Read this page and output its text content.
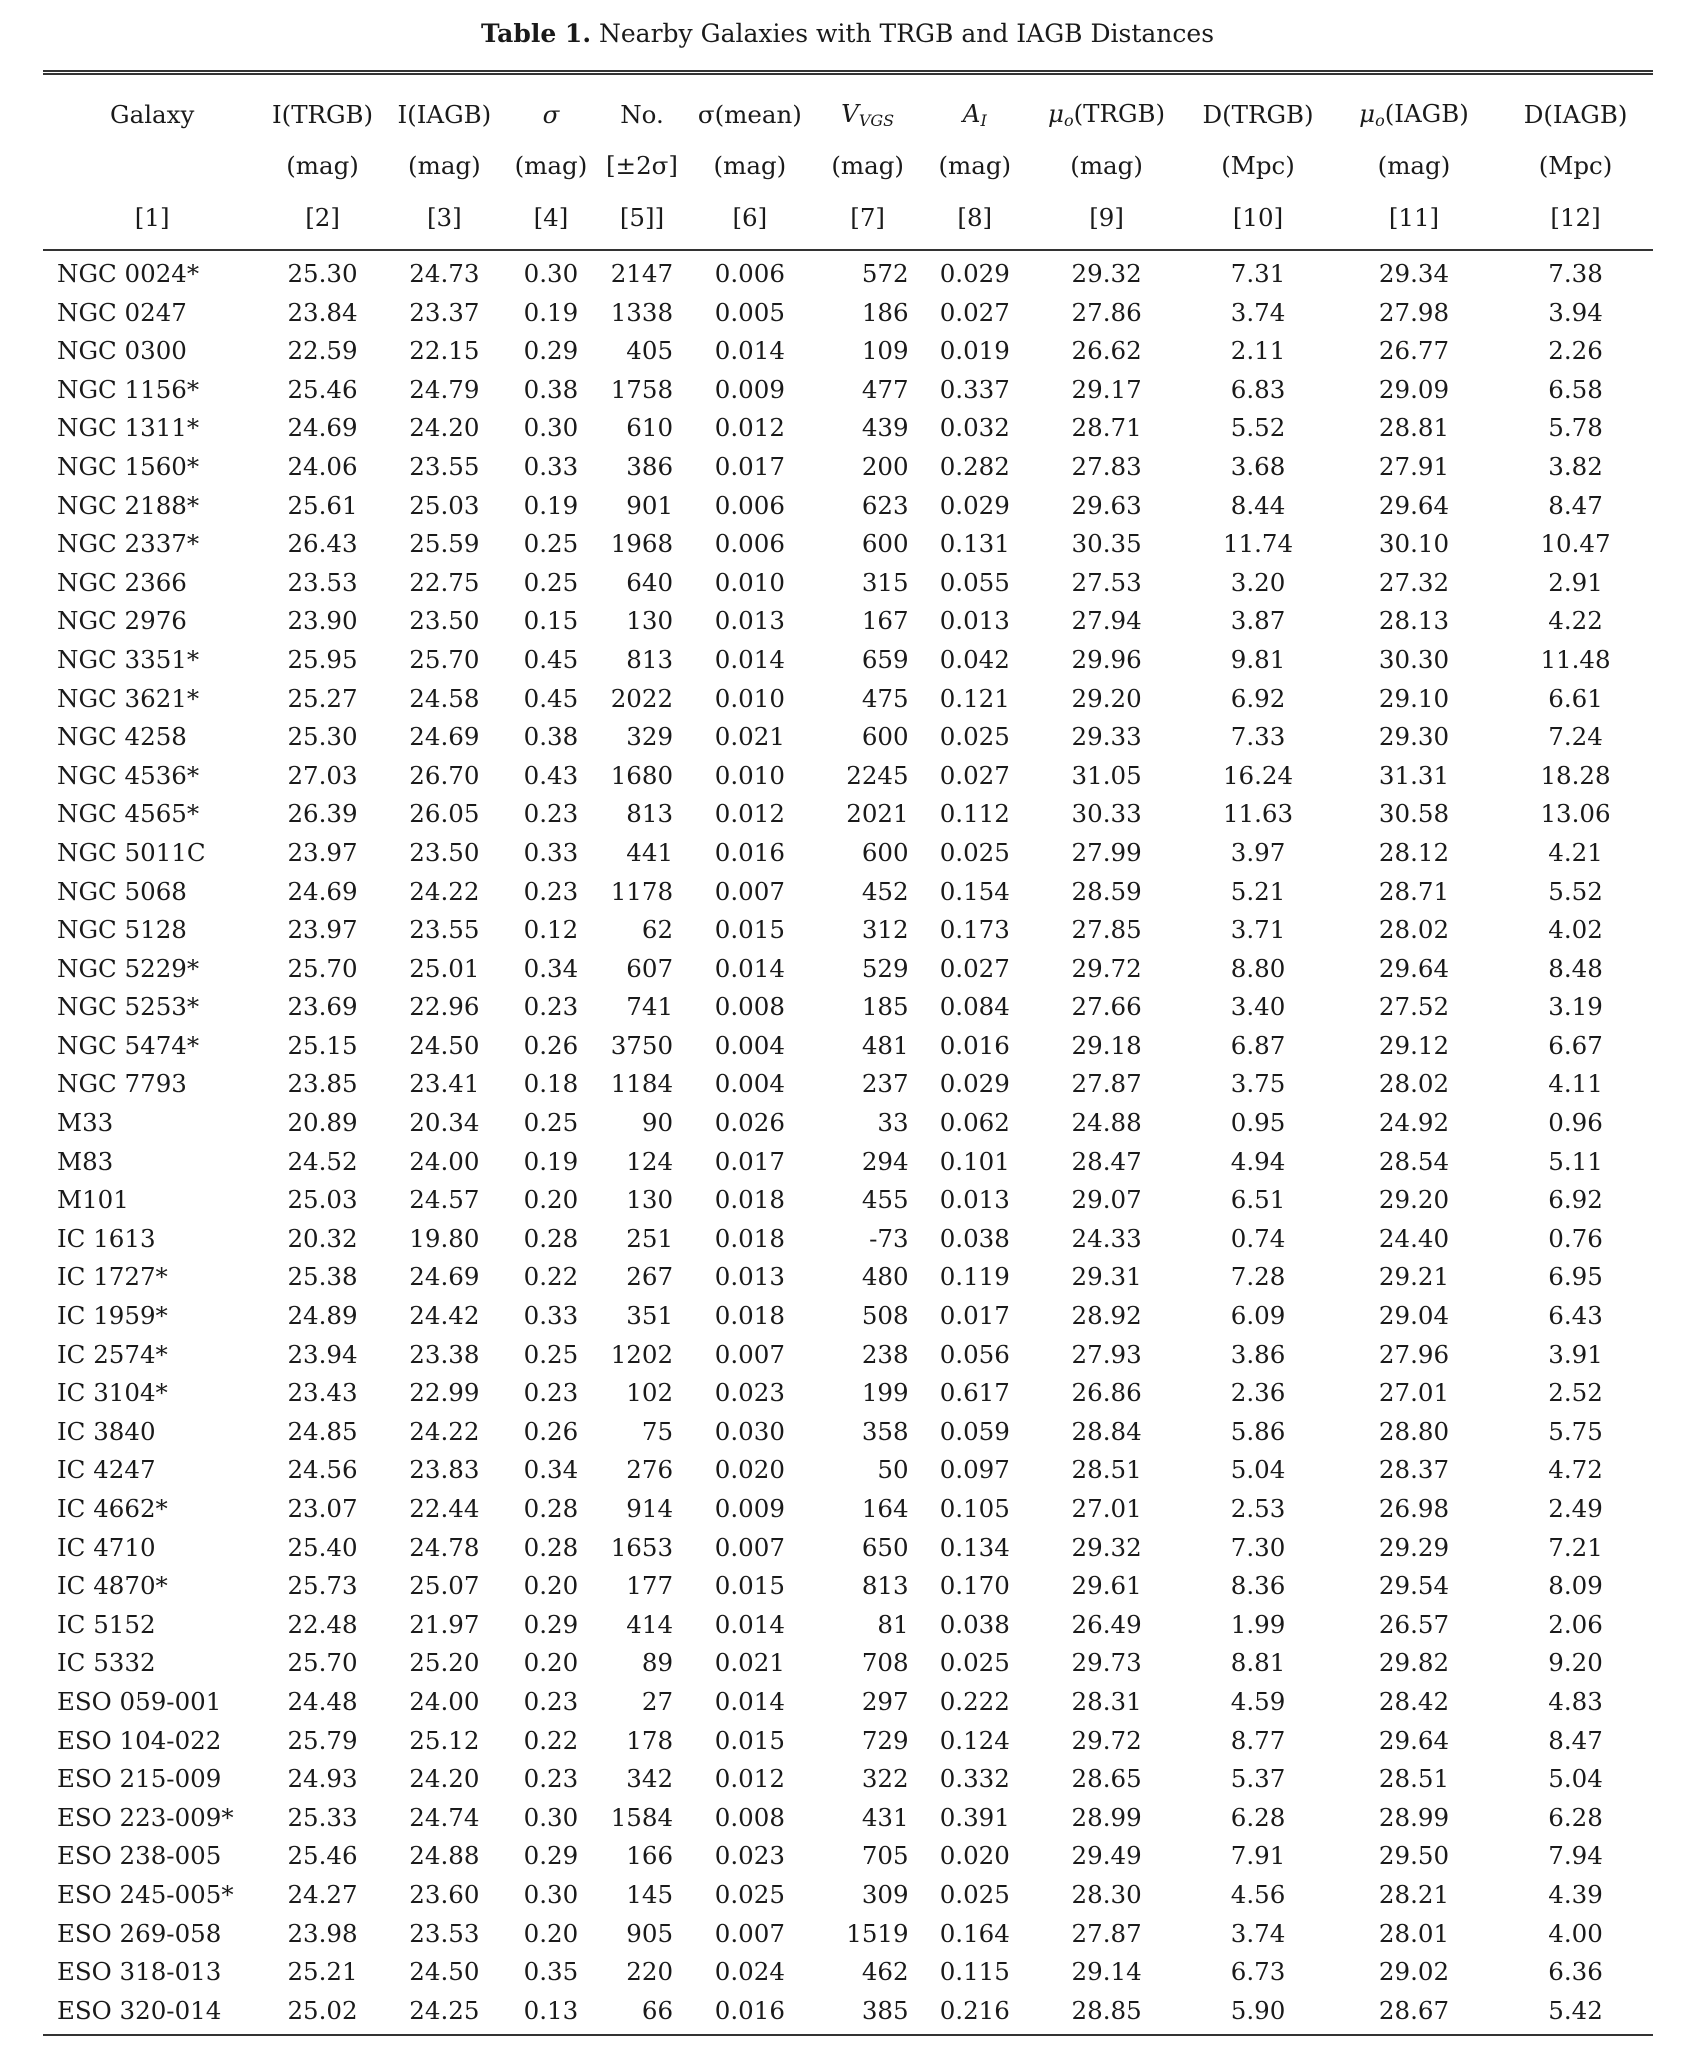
Table 1. Nearby Galaxies with TRGB and IAGB Distances
Galaxy	I(TRGB)	I(IAGB)	σ	No.	σ(mean)	$V_{VGS}$	$A_I$	$\mu_o(TRGB)$	D(TRGB)	$\mu_o(IAGB)$	D(IAGB)
	(mag)	(mag)	(mag)	[±2σ]	(mag)	(mag)	(mag)	(mag)	(Mpc)	(mag)	(Mpc)
[1]	[2]	[3]	[4]	[5]]	[6]	[7]	[8]	[9]	[10]	[11]	[12]
NGC 0024*	25.30	24.73	0.30	2147	0.006	572	0.029	29.32	7.31	29.34	7.38
NGC 0247	23.84	23.37	0.19	1338	0.005	186	0.027	27.86	3.74	27.98	3.94
NGC 0300	22.59	22.15	0.29	405	0.014	109	0.019	26.62	2.11	26.77	2.26
NGC 1156*	25.46	24.79	0.38	1758	0.009	477	0.337	29.17	6.83	29.09	6.58
NGC 1311*	24.69	24.20	0.30	610	0.012	439	0.032	28.71	5.52	28.81	5.78
NGC 1560*	24.06	23.55	0.33	386	0.017	200	0.282	27.83	3.68	27.91	3.82
NGC 2188*	25.61	25.03	0.19	901	0.006	623	0.029	29.63	8.44	29.64	8.47
NGC 2337*	26.43	25.59	0.25	1968	0.006	600	0.131	30.35	11.74	30.10	10.47
NGC 2366	23.53	22.75	0.25	640	0.010	315	0.055	27.53	3.20	27.32	2.91
NGC 2976	23.90	23.50	0.15	130	0.013	167	0.013	27.94	3.87	28.13	4.22
NGC 3351*	25.95	25.70	0.45	813	0.014	659	0.042	29.96	9.81	30.30	11.48
NGC 3621*	25.27	24.58	0.45	2022	0.010	475	0.121	29.20	6.92	29.10	6.61
NGC 4258	25.30	24.69	0.38	329	0.021	600	0.025	29.33	7.33	29.30	7.24
NGC 4536*	27.03	26.70	0.43	1680	0.010	2245	0.027	31.05	16.24	31.31	18.28
NGC 4565*	26.39	26.05	0.23	813	0.012	2021	0.112	30.33	11.63	30.58	13.06
NGC 5011C	23.97	23.50	0.33	441	0.016	600	0.025	27.99	3.97	28.12	4.21
NGC 5068	24.69	24.22	0.23	1178	0.007	452	0.154	28.59	5.21	28.71	5.52
NGC 5128	23.97	23.55	0.12	62	0.015	312	0.173	27.85	3.71	28.02	4.02
NGC 5229*	25.70	25.01	0.34	607	0.014	529	0.027	29.72	8.80	29.64	8.48
NGC 5253*	23.69	22.96	0.23	741	0.008	185	0.084	27.66	3.40	27.52	3.19
NGC 5474*	25.15	24.50	0.26	3750	0.004	481	0.016	29.18	6.87	29.12	6.67
NGC 7793	23.85	23.41	0.18	1184	0.004	237	0.029	27.87	3.75	28.02	4.11
M33	20.89	20.34	0.25	90	0.026	33	0.062	24.88	0.95	24.92	0.96
M83	24.52	24.00	0.19	124	0.017	294	0.101	28.47	4.94	28.54	5.11
M101	25.03	24.57	0.20	130	0.018	455	0.013	29.07	6.51	29.20	6.92
IC 1613	20.32	19.80	0.28	251	0.018	-73	0.038	24.33	0.74	24.40	0.76
IC 1727*	25.38	24.69	0.22	267	0.013	480	0.119	29.31	7.28	29.21	6.95
IC 1959*	24.89	24.42	0.33	351	0.018	508	0.017	28.92	6.09	29.04	6.43
IC 2574*	23.94	23.38	0.25	1202	0.007	238	0.056	27.93	3.86	27.96	3.91
IC 3104*	23.43	22.99	0.23	102	0.023	199	0.617	26.86	2.36	27.01	2.52
IC 3840	24.85	24.22	0.26	75	0.030	358	0.059	28.84	5.86	28.80	5.75
IC 4247	24.56	23.83	0.34	276	0.020	50	0.097	28.51	5.04	28.37	4.72
IC 4662*	23.07	22.44	0.28	914	0.009	164	0.105	27.01	2.53	26.98	2.49
IC 4710	25.40	24.78	0.28	1653	0.007	650	0.134	29.32	7.30	29.29	7.21
IC 4870*	25.73	25.07	0.20	177	0.015	813	0.170	29.61	8.36	29.54	8.09
IC 5152	22.48	21.97	0.29	414	0.014	81	0.038	26.49	1.99	26.57	2.06
IC 5332	25.70	25.20	0.20	89	0.021	708	0.025	29.73	8.81	29.82	9.20
ESO 059-001	24.48	24.00	0.23	27	0.014	297	0.222	28.31	4.59	28.42	4.83
ESO 104-022	25.79	25.12	0.22	178	0.015	729	0.124	29.72	8.77	29.64	8.47
ESO 215-009	24.93	24.20	0.23	342	0.012	322	0.332	28.65	5.37	28.51	5.04
ESO 223-009*	25.33	24.74	0.30	1584	0.008	431	0.391	28.99	6.28	28.99	6.28
ESO 238-005	25.46	24.88	0.29	166	0.023	705	0.020	29.49	7.91	29.50	7.94
ESO 245-005*	24.27	23.60	0.30	145	0.025	309	0.025	28.30	4.56	28.21	4.39
ESO 269-058	23.98	23.53	0.20	905	0.007	1519	0.164	27.87	3.74	28.01	4.00
ESO 318-013	25.21	24.50	0.35	220	0.024	462	0.115	29.14	6.73	29.02	6.36
ESO 320-014	25.02	24.25	0.13	66	0.016	385	0.216	28.85	5.90	28.67	5.42
